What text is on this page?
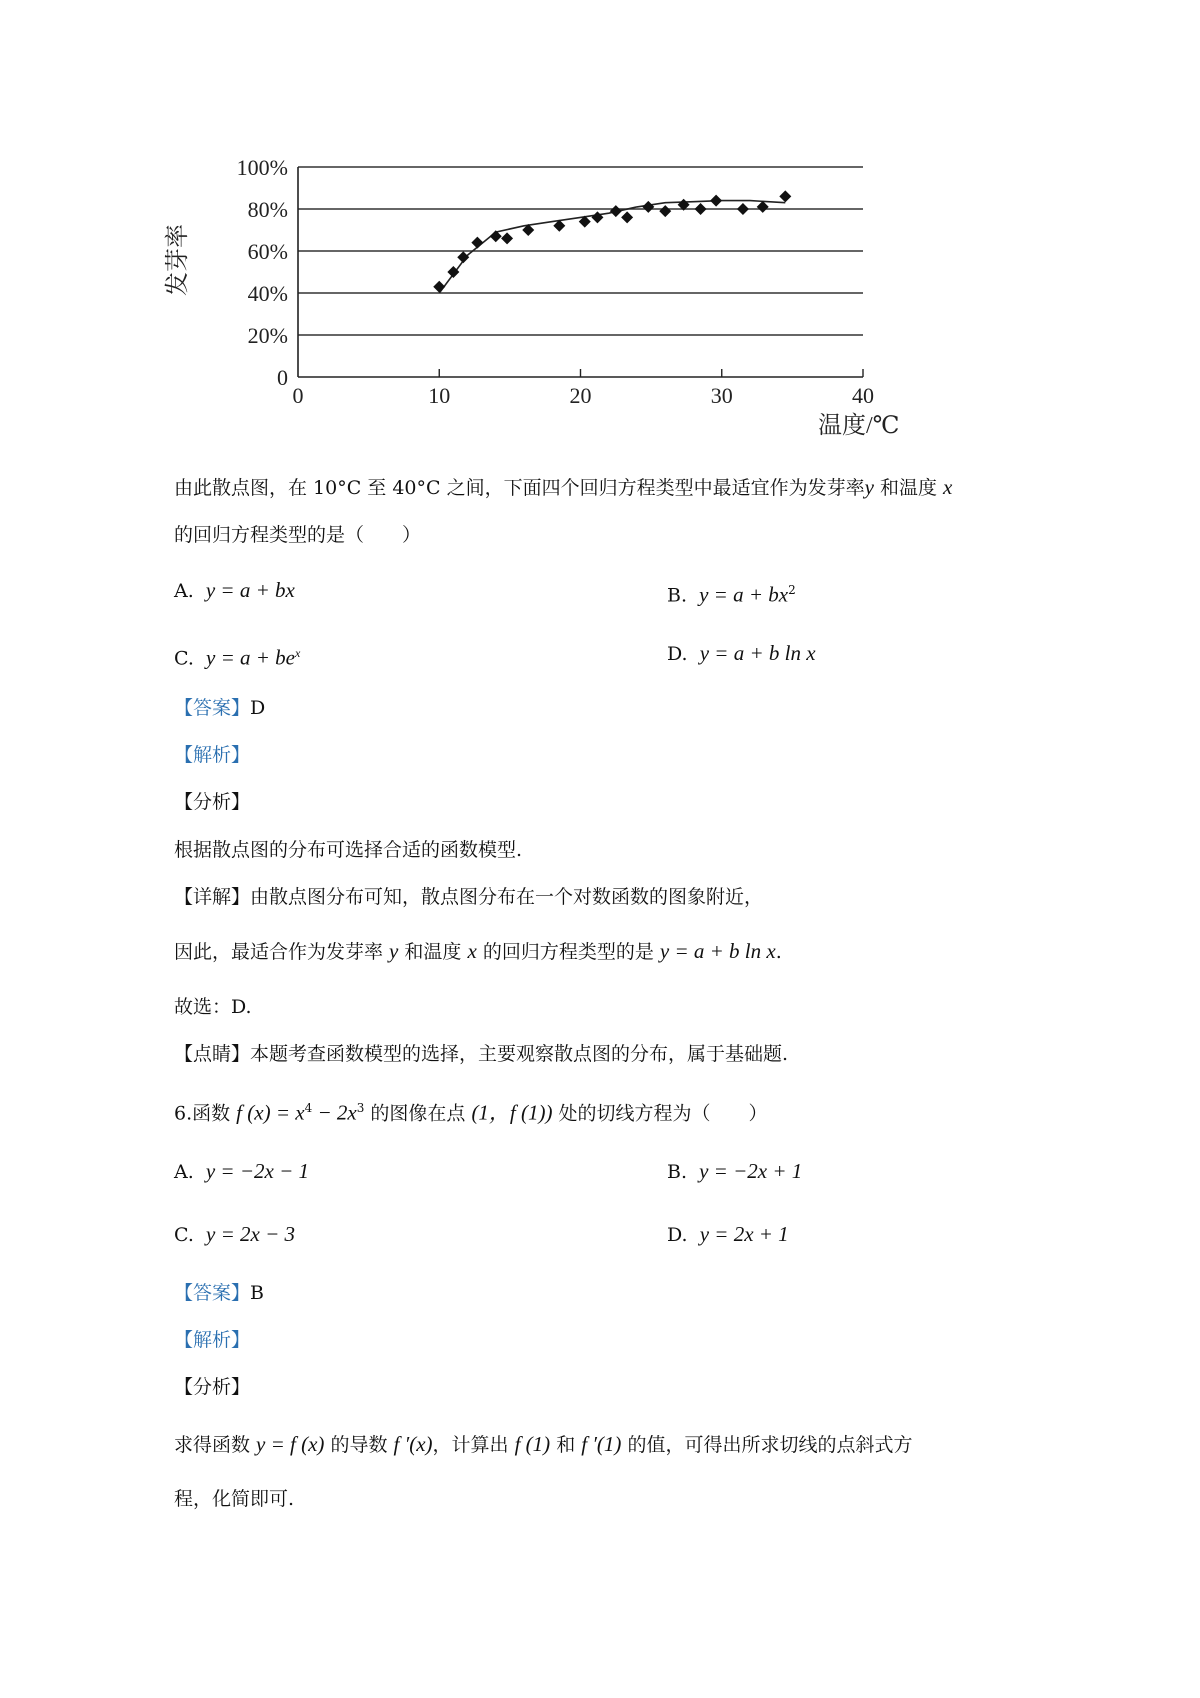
0
20%
40%
60%
80%
100%
0	10	20	30	40
发芽率
温度/℃
由此散点图，在 10°C 至 40°C 之间，下面四个回归方程类型中最适宜作为发芽率y 和温度 x
的回归方程类型的是（　　）
A. y = a + bx	B. $y = a + bx^2$
C. $y = a + be^x$	D. y = a + b ln x
【答案】D
【解析】
【分析】
根据散点图的分布可选择合适的函数模型.
【详解】由散点图分布可知，散点图分布在一个对数函数的图象附近，
因此，最适合作为发芽率 y 和温度 x 的回归方程类型的是 y = a + b ln x.
故选：D.
【点睛】本题考查函数模型的选择，主要观察散点图的分布，属于基础题.
6.函数 f $(x) = x^4 - 2x^3$ 的图像在点 (1，f (1)) 处的切线方程为（　　）
A. y = −2x − 1	B. y = −2x + 1
C. y = 2x − 3	D. y = 2x + 1
【答案】B
【解析】
【分析】
求得函数 y = f (x) 的导数 f ′(x)，计算出 f (1) 和 f ′(1) 的值，可得出所求切线的点斜式方
程，化简即可.
